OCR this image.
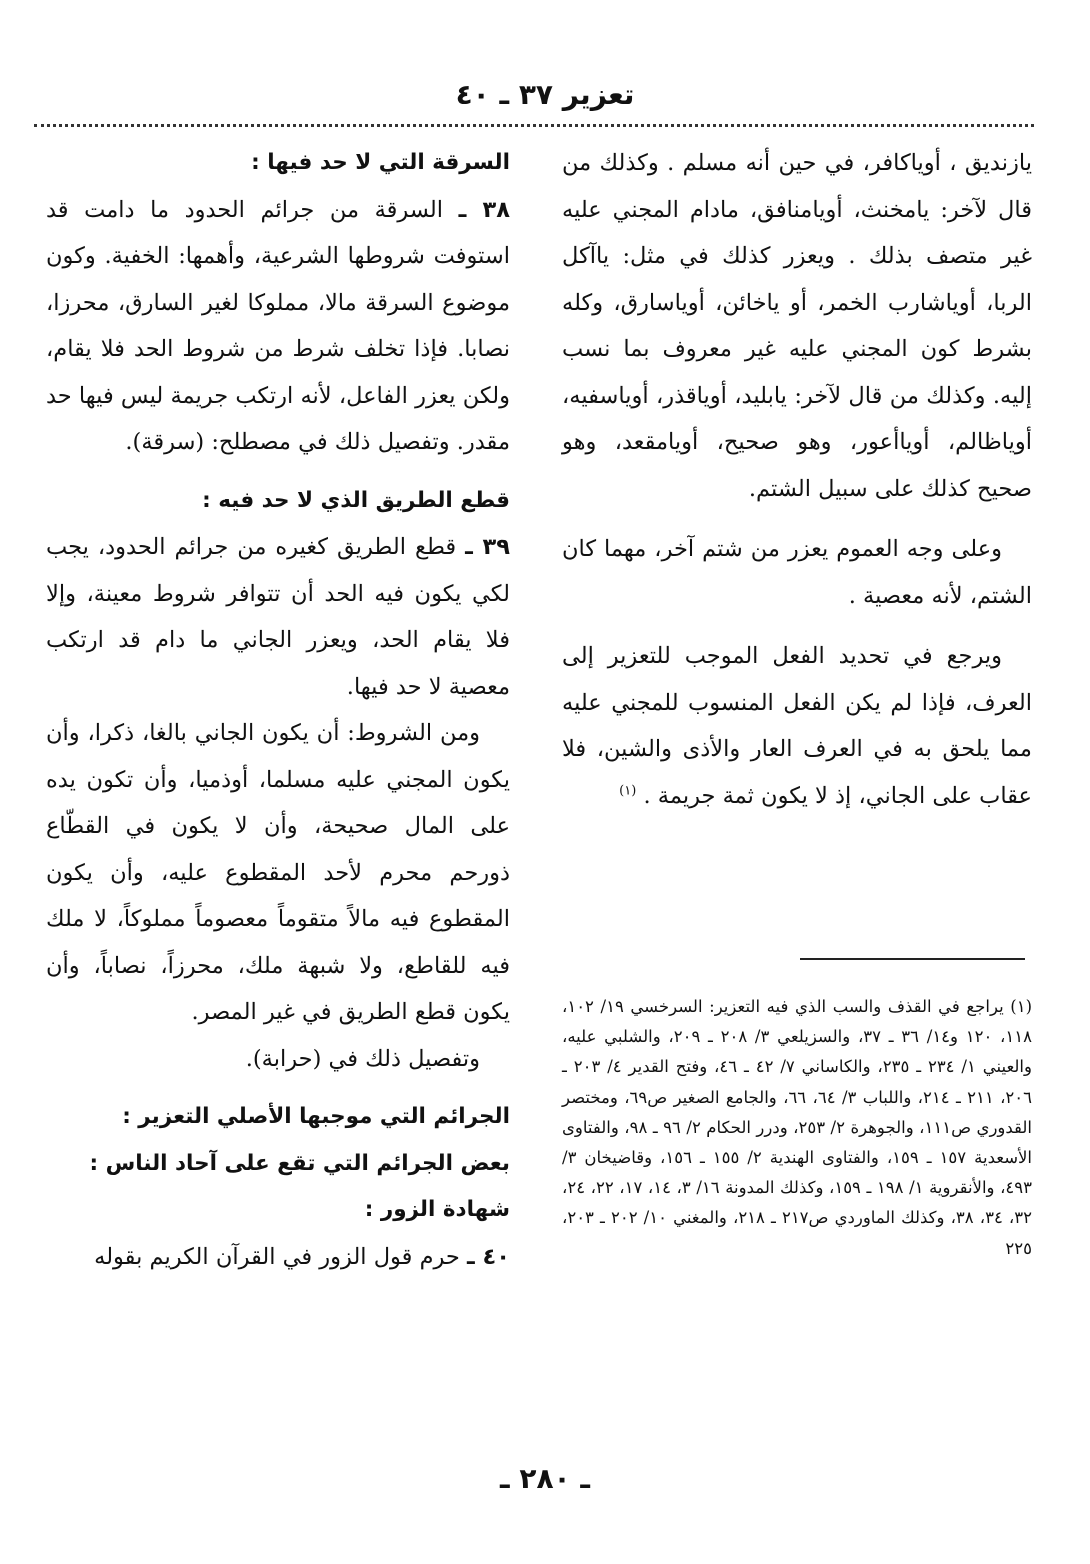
تعزير ٣٧ ـ ٤٠

يازنديق ، أوياكافر، في حين أنه مسلم . وكذلك من قال لآخر: يامخنث، أويامنافق، مادام المجني عليه غير متصف بذلك . ويعزر كذلك في مثل: ياآكل الربا، أوياشارب الخمر، أو ياخائن، أوياسارق، وكله بشرط كون المجني عليه غير معروف بما نسب إليه. وكذلك من قال لآخر: يابليد، أوياقذر، أوياسفيه، أوياظالم، أوياأعور، وهو صحيح، أويامقعد، وهو صحيح كذلك على سبيل الشتم.

وعلى وجه العموم يعزر من شتم آخر، مهما كان الشتم، لأنه معصية .

ويرجع في تحديد الفعل الموجب للتعزير إلى العرف، فإذا لم يكن الفعل المنسوب للمجني عليه مما يلحق به في العرف العار والأذى والشين، فلا عقاب على الجاني، إذ لا يكون ثمة جريمة . $^{(١)}$

السرقة التي لا حد فيها :

٣٨ ـ السرقة من جرائم الحدود ما دامت قد استوفت شروطها الشرعية، وأهمها: الخفية. وكون موضوع السرقة مالا، مملوكا لغير السارق، محرزا، نصابا. فإذا تخلف شرط من شروط الحد فلا يقام، ولكن يعزر الفاعل، لأنه ارتكب جريمة ليس فيها حد مقدر. وتفصيل ذلك في مصطلح: (سرقة).

قطع الطريق الذي لا حد فيه :

٣٩ ـ قطع الطريق كغيره من جرائم الحدود، يجب لكي يكون فيه الحد أن تتوافر شروط معينة، وإلا فلا يقام الحد، ويعزر الجاني ما دام قد ارتكب معصية لا حد فيها.

ومن الشروط: أن يكون الجاني بالغا، ذكرا، وأن يكون المجني عليه مسلما، أوذميا، وأن تكون يده على المال صحيحة، وأن لا يكون في القطّاع ذورحم محرم لأحد المقطوع عليه، وأن يكون المقطوع فيه مالاً متقوماً معصوماً مملوكاً، لا ملك فيه للقاطع، ولا شبهة ملك، محرزاً، نصاباً، وأن يكون قطع الطريق في غير المصر.

وتفصيل ذلك في (حرابة).

الجرائم التي موجبها الأصلي التعزير :

بعض الجرائم التي تقع على آحاد الناس :

شهادة الزور :

٤٠ ـ حرم قول الزور في القرآن الكريم بقوله

(١) يراجع في القذف والسب الذي فيه التعزير: السرخسي ١٩/ ١٠٢، ١١٨، ١٢٠ و١٤/ ٣٦ ـ ٣٧، والسزيلعي ٣/ ٢٠٨ ـ ٢٠٩، والشلبي عليه، والعيني ١/ ٢٣٤ ـ ٢٣٥، والكاساني ٧/ ٤٢ ـ ٤٦، وفتح القدير ٤/ ٢٠٣ ـ ٢٠٦، ٢١١ ـ ٢١٤، واللباب ٣/ ٦٤، ٦٦، والجامع الصغير ص٦٩، ومختصر القدوري ص١١١، والجوهرة ٢/ ٢٥٣، ودرر الحكام ٢/ ٩٦ ـ ٩٨، والفتاوى الأسعدية ١٥٧ ـ ١٥٩، والفتاوى الهندية ٢/ ١٥٥ ـ ١٥٦، وقاضيخان ٣/ ٤٩٣، والأنقروية ١/ ١٩٨ ـ ١٥٩، وكذلك المدونة ١٦/ ٣، ١٤، ١٧، ٢٢، ٢٤، ٣٢، ٣٤، ٣٨، وكذلك الماوردي ص٢١٧ ـ ٢١٨، والمغني ١٠/ ٢٠٢ ـ ٢٠٣، ٢٢٥
ـ ٢٨٠ ـ
